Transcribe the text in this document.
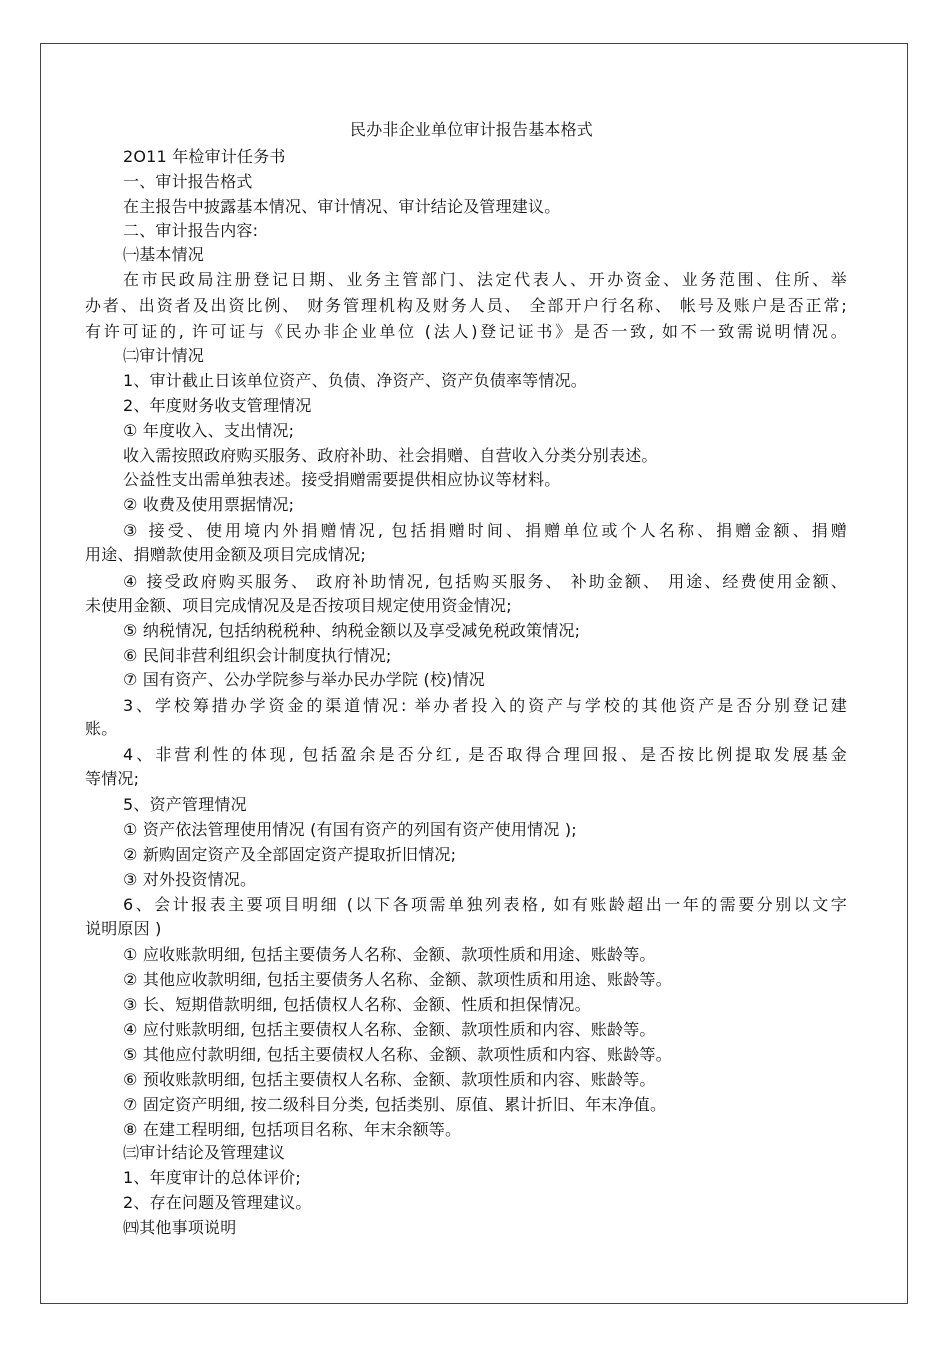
民办非企业单位审计报告基本格式
2O11 年检审计任务书
一、审计报告格式
在主报告中披露基本情况、审计情况、审计结论及管理建议。
二、审计报告内容:
㈠基本情况
在市民政局注册登记日期、业务主管部门、法定代表人、开办资金、业务范围、住所、举
办者、出资者及出资比例、 财务管理机构及财务人员、 全部开户行名称、 帐号及账户是否正常;
有许可证的, 许可证与《民办非企业单位 (法人)登记证书》是否一致, 如不一致需说明情况。
㈡审计情况
1、审计截止日该单位资产、负债、净资产、资产负债率等情况。
2、年度财务收支管理情况
① 年度收入、支出情况;
收入需按照政府购买服务、政府补助、社会捐赠、自营收入分类分别表述。
公益性支出需单独表述。接受捐赠需要提供相应协议等材料。
② 收费及使用票据情况;
③ 接受、使用境内外捐赠情况, 包括捐赠时间、捐赠单位或个人名称、捐赠金额、捐赠
用途、捐赠款使用金额及项目完成情况;
④ 接受政府购买服务、 政府补助情况, 包括购买服务、 补助金额、 用途、经费使用金额、
未使用金额、项目完成情况及是否按项目规定使用资金情况;
⑤ 纳税情况, 包括纳税税种、纳税金额以及享受减免税政策情况;
⑥ 民间非营利组织会计制度执行情况;
⑦ 国有资产、公办学院参与举办民办学院 (校)情况
3、学校筹措办学资金的渠道情况: 举办者投入的资产与学校的其他资产是否分别登记建
账。
4、非营利性的体现, 包括盈余是否分红, 是否取得合理回报、是否按比例提取发展基金
等情况;
5、资产管理情况
① 资产依法管理使用情况 (有国有资产的列国有资产使用情况 );
② 新购固定资产及全部固定资产提取折旧情况;
③ 对外投资情况。
6、会计报表主要项目明细 (以下各项需单独列表格, 如有账龄超出一年的需要分别以文字
说明原因 )
① 应收账款明细, 包括主要债务人名称、金额、款项性质和用途、账龄等。
② 其他应收款明细, 包括主要债务人名称、金额、款项性质和用途、账龄等。
③ 长、短期借款明细, 包括债权人名称、金额、性质和担保情况。
④ 应付账款明细, 包括主要债权人名称、金额、款项性质和内容、账龄等。
⑤ 其他应付款明细, 包括主要债权人名称、金额、款项性质和内容、账龄等。
⑥ 预收账款明细, 包括主要债权人名称、金额、款项性质和内容、账龄等。
⑦ 固定资产明细, 按二级科目分类, 包括类别、原值、累计折旧、年末净值。
⑧ 在建工程明细, 包括项目名称、年末余额等。
㈢审计结论及管理建议
1、年度审计的总体评价;
2、存在问题及管理建议。
㈣其他事项说明
